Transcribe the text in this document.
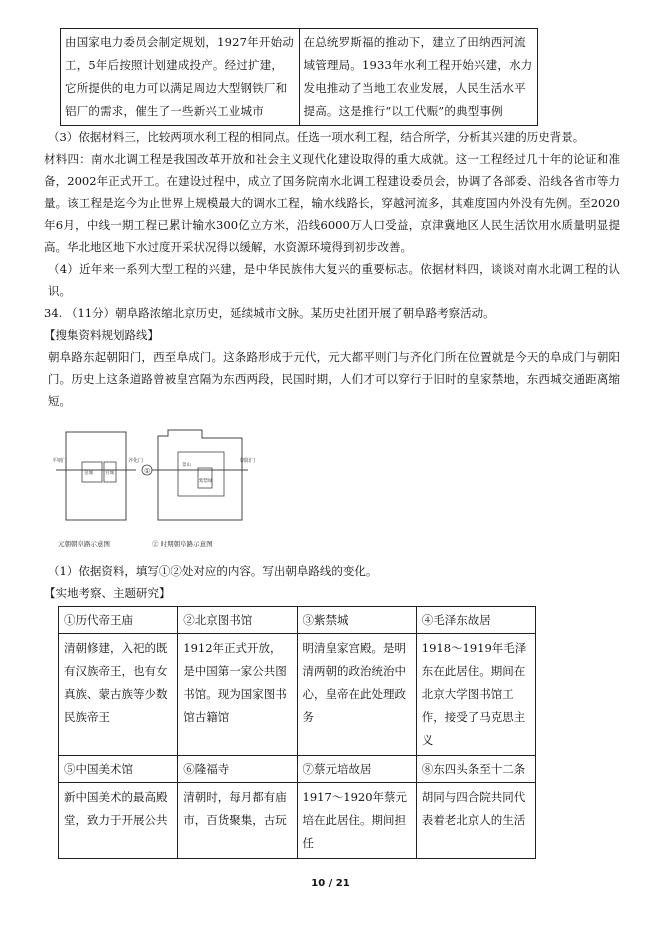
由国家电力委员会制定规划，1927年开始动工，5年后按照计划建成投产。经过扩建，它所提供的电力可以满足周边大型钢铁厂和铝厂的需求，催生了一些新兴工业城市	在总统罗斯福的推动下，建立了田纳西河流域管理局。1933年水利工程开始兴建，水力发电推动了当地工农业发展，人民生活水平提高。这是推行“以工代赈”的典型事例

（3）依据材料三，比较两项水利工程的相同点。任选一项水利工程，结合所学，分析其兴建的历史背景。

材料四：南水北调工程是我国改革开放和社会主义现代化建设取得的重大成就。这一工程经过几十年的论证和准备，2002年正式开工。在建设过程中，成立了国务院南水北调工程建设委员会，协调了各部委、沿线各省市等力量。该工程是迄今为止世界上规模最大的调水工程，输水线路长，穿越河流多，其难度国内外没有先例。至2020年6月，中线一期工程已累计输水300亿立方米，沿线6000万人口受益，京津冀地区人民生活饮用水质量明显提高。华北地区地下水过度开采状况得以缓解，水资源环境得到初步改善。

（4）近年来一系列大型工程的兴建，是中华民族伟大复兴的重要标志。依据材料四，谈谈对南水北调工程的认识。

34. （11分）朝阜路浓缩北京历史，延续城市文脉。某历史社团开展了朝阜路考察活动。

【搜集资料规划路线】

朝阜路东起朝阳门，西至阜成门。这条路形成于元代，元大都平则门与齐化门所在位置就是今天的阜成门与朝阳门。历史上这条道路曾被皇宫隔为东西两段，民国时期，人们才可以穿行于旧时的皇家禁地，东西城交通距离缩短。

平则门	齐化门
皇城	宫城	①
景山
紫禁城
朝阳门
元朝朝阜路示意图	② 时期朝阜路示意图

（1）依据资料，填写①②处对应的内容。写出朝阜路线的变化。

【实地考察、主题研究】

①历代帝王庙	②北京图书馆	③紫禁城	④毛泽东故居
清朝修建，入祀的既有汉族帝王，也有女真族、蒙古族等少数民族帝王	1912年正式开放，是中国第一家公共图书馆。现为国家图书馆古籍馆	明清皇家宫殿。是明清两朝的政治统治中心，皇帝在此处理政务	1918～1919年毛泽东在此居住。期间在北京大学图书馆工作，接受了马克思主义
⑤中国美术馆	⑥隆福寺	⑦蔡元培故居	⑧东四头条至十二条
新中国美术的最高殿堂，致力于开展公共	清朝时，每月都有庙市，百货聚集，古玩	1917～1920年蔡元培在此居住。期间担任	胡同与四合院共同代表着老北京人的生活
10 / 21
